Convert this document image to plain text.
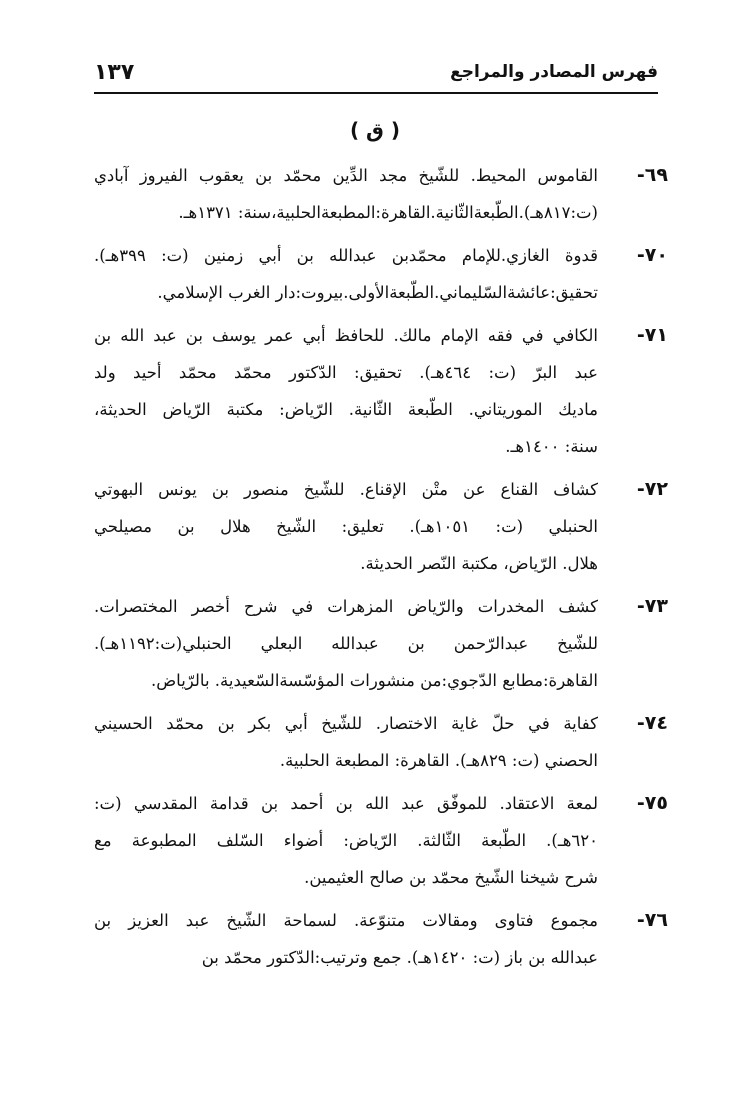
١٣٧	فهرس المصادر والمراجع
( ق )
٦٩-
القاموس المحيط. للشّيخ مجد الدِّين محمّد بن يعقوب الفيروز آبادي
(ت:٨١٧هـ).الطّبعةالثّانية.القاهرة:المطبعةالحلبية،سنة: ١٣٧١هـ.
٧٠-
قدوة الغازي.للإمام محمّدبن عبدالله بن أبي زمنين (ت: ٣٩٩هـ).
تحقيق:عائشةالسّليماني.الطّبعةالأولى.بيروت:دار الغرب الإسلامي.
٧١-
الكافي في فقه الإمام مالك. للحافظ أبي عمر يوسف بن عبد الله بن
عبد البرّ (ت: ٤٦٤هـ). تحقيق: الدّكتور محمّد محمّد أحيد ولد
ماديك الموريتاني. الطّبعة الثّانية. الرّياض: مكتبة الرّياض الحديثة،
سنة: ١٤٠٠هـ.
٧٢-
كشاف القناع عن متْن الإقناع. للشّيخ منصور بن يونس البهوتي
الحنبلي (ت: ١٠٥١هـ). تعليق: الشّيخ هلال بن مصيلحي
هلال. الرّياض، مكتبة النّصر الحديثة.
٧٣-
كشف المخدرات والرّياض المزهرات في شرح أخصر المختصرات.
للشّيخ عبدالرّحمن بن عبدالله البعلي الحنبلي(ت:١١٩٢هـ).
القاهرة:مطابع الدّجوي:من منشورات المؤسّسةالسّعيدية. بالرّياض.
٧٤-
كفاية في حلّ غاية الاختصار. للشّيخ أبي بكر بن محمّد الحسيني
الحصني (ت: ٨٢٩هـ). القاهرة: المطبعة الحلبية.
٧٥-
لمعة الاعتقاد. للموفّق عبد الله بن أحمد بن قدامة المقدسي (ت:
٦٢٠هـ). الطّبعة الثّالثة. الرّياض: أضواء السّلف المطبوعة مع
شرح شيخنا الشّيخ محمّد بن صالح العثيمين.
٧٦-
مجموع فتاوى ومقالات متنوّعة. لسماحة الشّيخ عبد العزيز بن
عبدالله بن باز (ت: ١٤٢٠هـ). جمع وترتيب:الدّكتور محمّد بن
